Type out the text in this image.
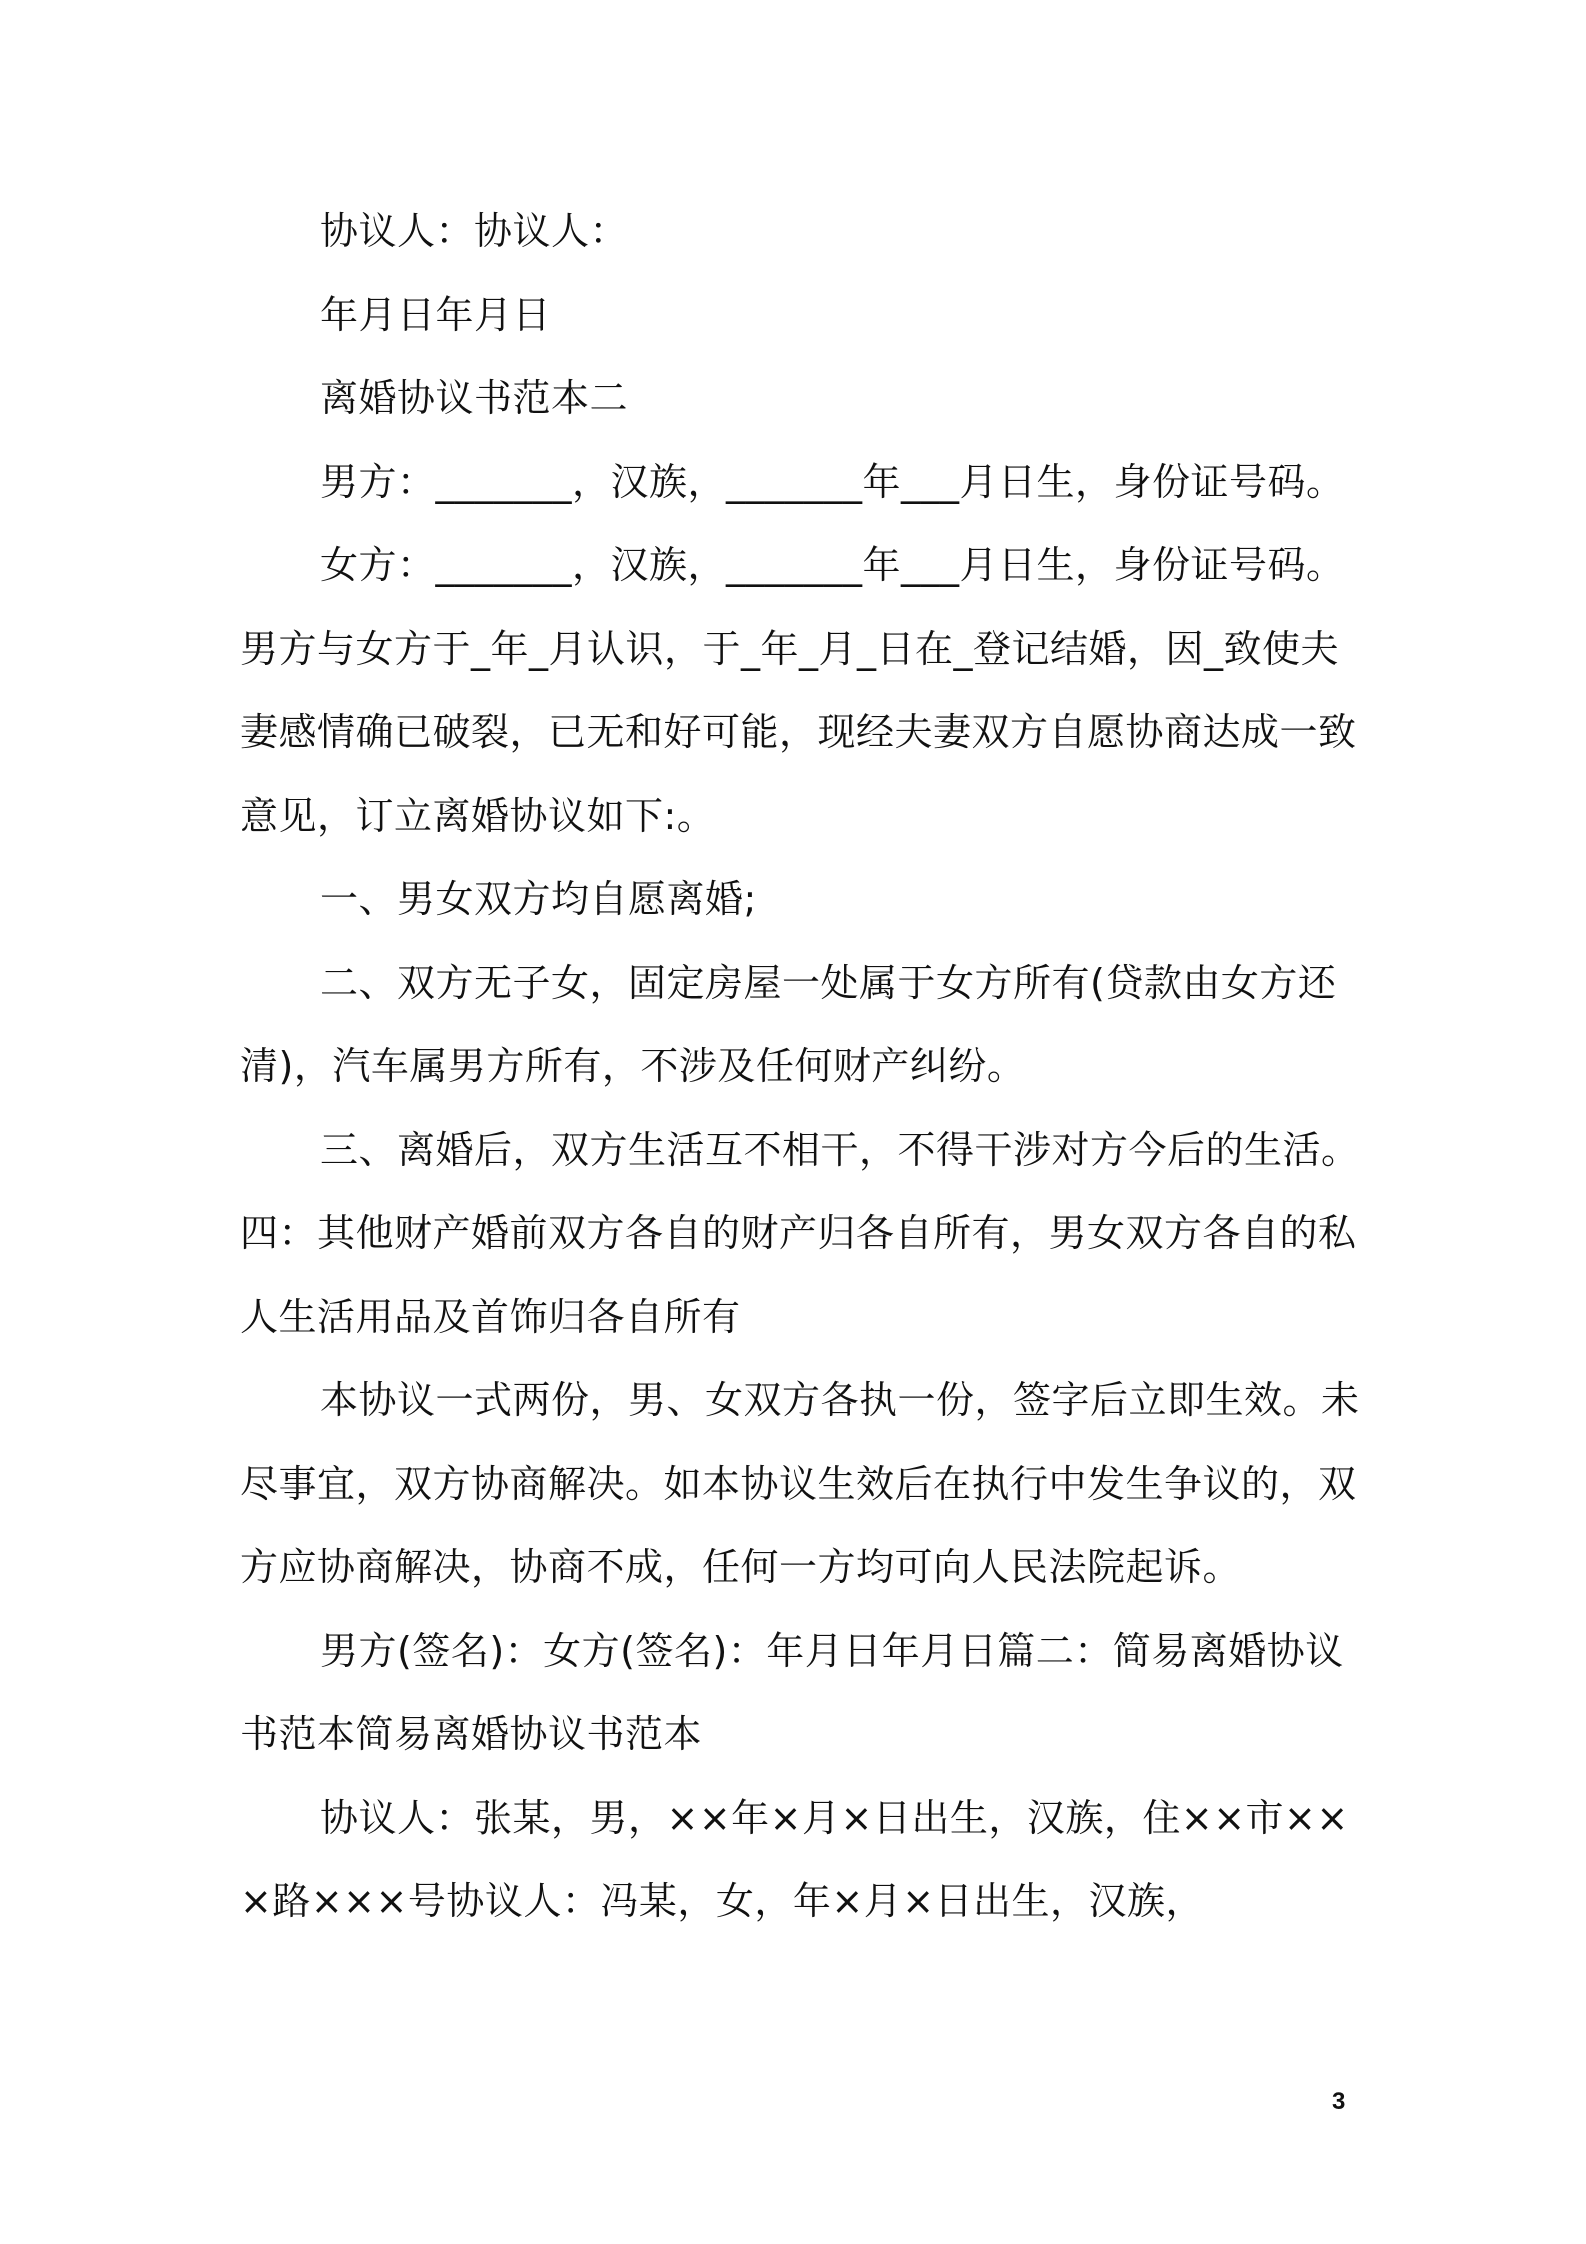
协议人：协议人：

年月日年月日

离婚协议书范本二

男方：_______，汉族，_______年___月日生，身份证号码。

女方：_______，汉族，_______年___月日生，身份证号码。男方与女方于_年_月认识，于_年_月_日在_登记结婚，因_致使夫妻感情确已破裂，已无和好可能，现经夫妻双方自愿协商达成一致意见，订立离婚协议如下:。

一、男女双方均自愿离婚;

二、双方无子女，固定房屋一处属于女方所有(贷款由女方还清)，汽车属男方所有，不涉及任何财产纠纷。

三、离婚后，双方生活互不相干，不得干涉对方今后的生活。四：其他财产婚前双方各自的财产归各自所有，男女双方各自的私人生活用品及首饰归各自所有

本协议一式两份，男、女双方各执一份，签字后立即生效。未尽事宜，双方协商解决。如本协议生效后在执行中发生争议的，双方应协商解决，协商不成，任何一方均可向人民法院起诉。

男方(签名)：女方(签名)：年月日年月日篇二：简易离婚协议书范本简易离婚协议书范本

协议人：张某，男，××年×月×日出生，汉族，住××市×××路×××号协议人：冯某，女，年×月×日出生，汉族，

3
